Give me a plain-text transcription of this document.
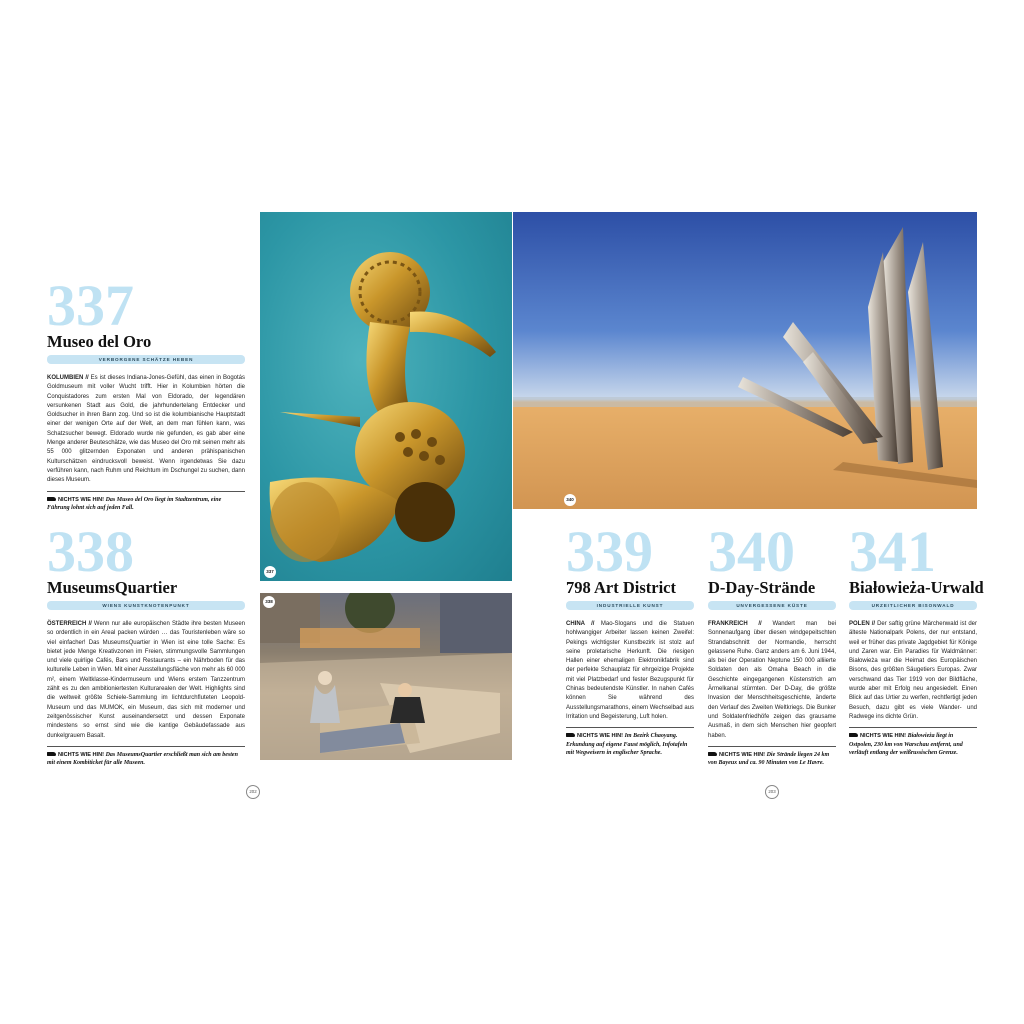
337
Museo del Oro
VERBORGENE SCHÄTZE HEBEN
KOLUMBIEN // Es ist dieses Indiana-Jones-Gefühl, das einen in Bogotás Goldmuseum mit voller Wucht trifft. Hier in Kolumbien hörten die Conquistadores zum ersten Mal von Eldorado, der legendären versunkenen Stadt aus Gold, die jahrhundertelang Entdecker und Goldsucher in ihren Bann zog. Und so ist die kolumbianische Hauptstadt einer der wenigen Orte auf der Welt, an dem man fühlen kann, was Schatzsucher bewegt. Eldorado wurde nie gefunden, es gab aber eine Menge anderer Beuteschätze, wie das Museo del Oro mit seinen mehr als 55 000 glitzernden Exponaten und anderen prähispanischen Kulturschätzen eindrucksvoll beweist. Wenn irgendetwas Sie dazu verführen kann, nach Ruhm und Reichtum im Dschungel zu suchen, dann dieses Museum.
NICHTS WIE HIN! Das Museo del Oro liegt im Stadtzentrum, eine Führung lohnt sich auf jeden Fall.
338
MuseumsQuartier
WIENS KUNSTKNOTENPUNKT
ÖSTERREICH // Wenn nur alle europäischen Städte ihre besten Museen so ordentlich in ein Areal packen würden … das Touristenleben wäre so viel einfacher! Das MuseumsQuartier in Wien ist eine tolle Sache: Es bietet jede Menge Kreativzonen im Freien, stimmungsvolle Sammlungen und viele quirlige Cafés, Bars und Restaurants – ein Nährboden für das kulturelle Leben in Wien. Mit einer Ausstellungsfläche von mehr als 60 000 m², einem Weltklasse-Kindermuseum und Wiens erstem Tanzzentrum zählt es zu den ambitioniertesten Kulturarealen der Welt. Highlights sind die weltweit größte Schiele-Sammlung im lichtdurchfluteten Leopold-Museum und das MUMOK, ein Museum, das sich mit moderner und zeitgenössischer Kunst auseinandersetzt und dessen Exponate mindestens so ernst sind wie die kantige Gebäudefassade aus dunkelgrauem Basalt.
NICHTS WIE HIN! Das MuseumsQuartier erschließt man sich am besten mit einem Kombiticket für alle Museen.
339
798 Art District
INDUSTRIELLE KUNST
CHINA // Mao-Slogans und die Statuen hohlwangiger Arbeiter lassen keinen Zweifel: Pekings wichtigster Kunstbezirk ist stolz auf seine proletarische Herkunft. Die riesigen Hallen einer ehemaligen Elektronikfabrik sind der perfekte Schauplatz für ehrgeizige Projekte mit viel Platzbedarf und fester Bezugspunkt für Chinas bedeutendste Künstler. In nahen Cafés können Sie während des Ausstellungsmarathons, einem Wechselbad aus Irritation und Begeisterung, Luft holen.
NICHTS WIE HIN! Im Bezirk Chaoyang. Erkundung auf eigene Faust möglich, Infotafeln mit Wegweisern in englischer Sprache.
340
D-Day-Strände
UNVERGESSENE KÜSTE
FRANKREICH // Wandert man bei Sonnenaufgang über diesen windgepeitschten Strandabschnitt der Normandie, herrscht gelassene Ruhe. Ganz anders am 6. Juni 1944, als bei der Operation Neptune 150 000 alliierte Soldaten den als Omaha Beach in die Geschichte eingegangenen Küstenstrich am Ärmelkanal stürmten. Der D-Day, die größte Invasion der Menschheitsgeschichte, änderte den Verlauf des Zweiten Weltkriegs. Die Bunker und Soldatenfriedhöfe zeigen das grausame Ausmaß, in dem sich Menschen hier geopfert haben.
NICHTS WIE HIN! Die Strände liegen 24 km von Bayeux und ca. 90 Minuten von Le Havre.
341
Białowieża-Urwald
URZEITLICHER BISONWALD
POLEN // Der saftig grüne Märchenwald ist der älteste Nationalpark Polens, der nur entstand, weil er früher das private Jagdgebiet für Könige und Zaren war. Ein Paradies für Waldmänner: Białowieża war die Heimat des Europäischen Bisons, des größten Säugetiers Europas. Zwar verschwand das Tier 1919 von der Bildfläche, wurde aber mit Erfolg neu angesiedelt. Einen Blick auf das Urtier zu werfen, rechtfertigt jeden Besuch, dazu gibt es viele Wander- und Radwege ins dichte Grün.
NICHTS WIE HIN! Białowieża liegt in Ostpolen, 230 km von Warschau entfernt, und verläuft entlang der weißrussischen Grenze.
337
340
338
202	203
